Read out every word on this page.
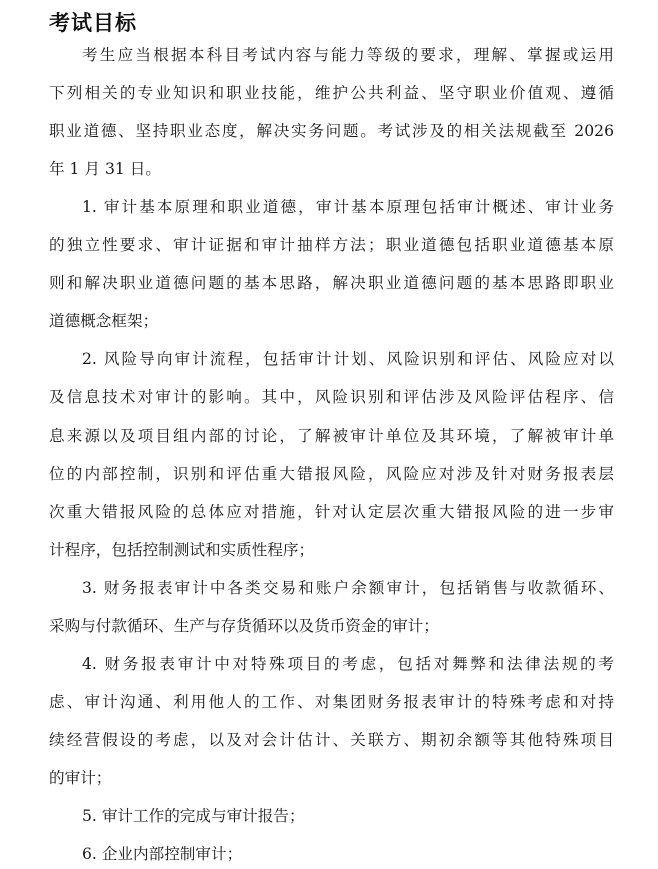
考试目标
考生应当根据本科目考试内容与能力等级的要求，理解、掌握或运用
下列相关的专业知识和职业技能，维护公共利益、坚守职业价值观、遵循
职业道德、坚持职业态度，解决实务问题。考试涉及的相关法规截至 2026
年 1 月 31 日。
1. 审计基本原理和职业道德，审计基本原理包括审计概述、审计业务
的独立性要求、审计证据和审计抽样方法；职业道德包括职业道德基本原
则和解决职业道德问题的基本思路，解决职业道德问题的基本思路即职业
道德概念框架；
2. 风险导向审计流程，包括审计计划、风险识别和评估、风险应对以
及信息技术对审计的影响。其中，风险识别和评估涉及风险评估程序、信
息来源以及项目组内部的讨论，了解被审计单位及其环境，了解被审计单
位的内部控制，识别和评估重大错报风险，风险应对涉及针对财务报表层
次重大错报风险的总体应对措施，针对认定层次重大错报风险的进一步审
计程序，包括控制测试和实质性程序；
3. 财务报表审计中各类交易和账户余额审计，包括销售与收款循环、
采购与付款循环、生产与存货循环以及货币资金的审计；
4. 财务报表审计中对特殊项目的考虑，包括对舞弊和法律法规的考
虑、审计沟通、利用他人的工作、对集团财务报表审计的特殊考虑和对持
续经营假设的考虑，以及对会计估计、关联方、期初余额等其他特殊项目
的审计；
5. 审计工作的完成与审计报告；
6. 企业内部控制审计；
